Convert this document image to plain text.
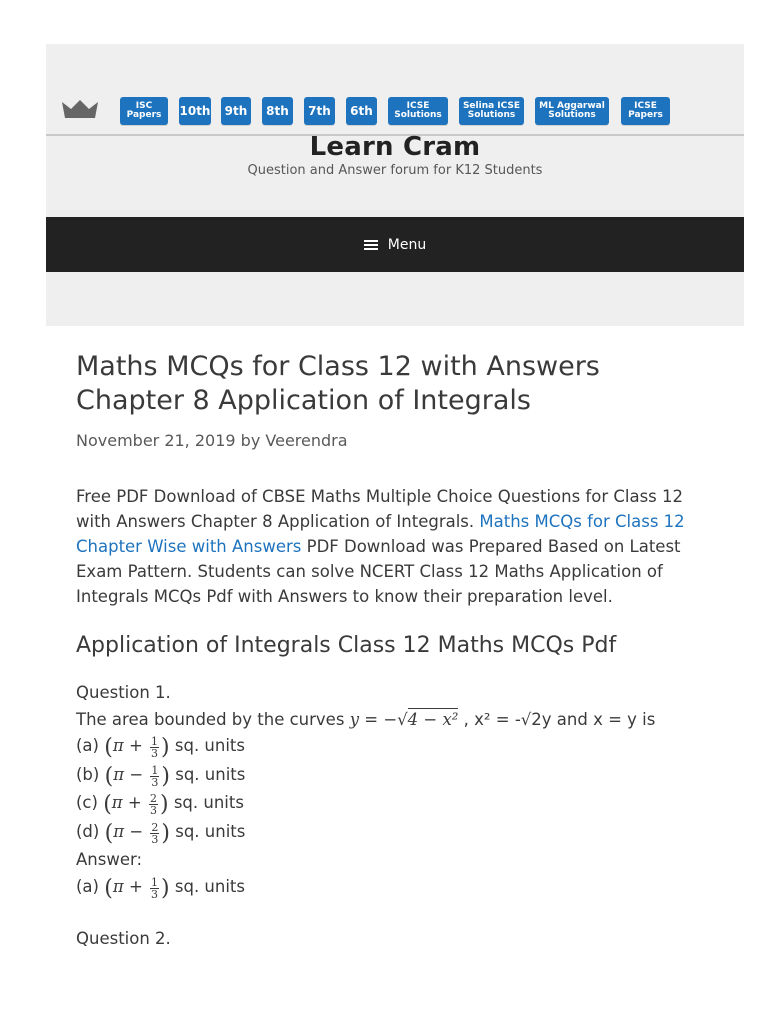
ISC
Papers 10th 9th 8th 7th 6th	ICSE
Solutions
Selina ICSE
Solutions
ML Aggarwal
Solutions
ICSE
Papers
Learn Cram
Question and Answer forum for K12 Students
Menu
Maths MCQs for Class 12 with Answers Chapter 8 Application of Integrals
November 21, 2019 by Veerendra

Free PDF Download of CBSE Maths Multiple Choice Questions for Class 12 with Answers Chapter 8 Application of Integrals. Maths MCQs for Class 12 Chapter Wise with Answers PDF Download was Prepared Based on Latest Exam Pattern. Students can solve NCERT Class 12 Maths Application of Integrals MCQs Pdf with Answers to know their preparation level.

Application of Integrals Class 12 Maths MCQs Pdf
Question 1.
The area bounded by the curves y = −√4 − x² , x² = -√2y and x = y is
(a) ($\pi + \frac{1}{3}$ ) sq. units
(b) ($\pi - \frac{1}{3}$ ) sq. units
(c) ($\pi + \frac{2}{3}$ ) sq. units
(d) ($\pi - \frac{2}{3}$ ) sq. units
Answer:
(a) ($\pi + \frac{1}{3}$ ) sq. units
Question 2.
